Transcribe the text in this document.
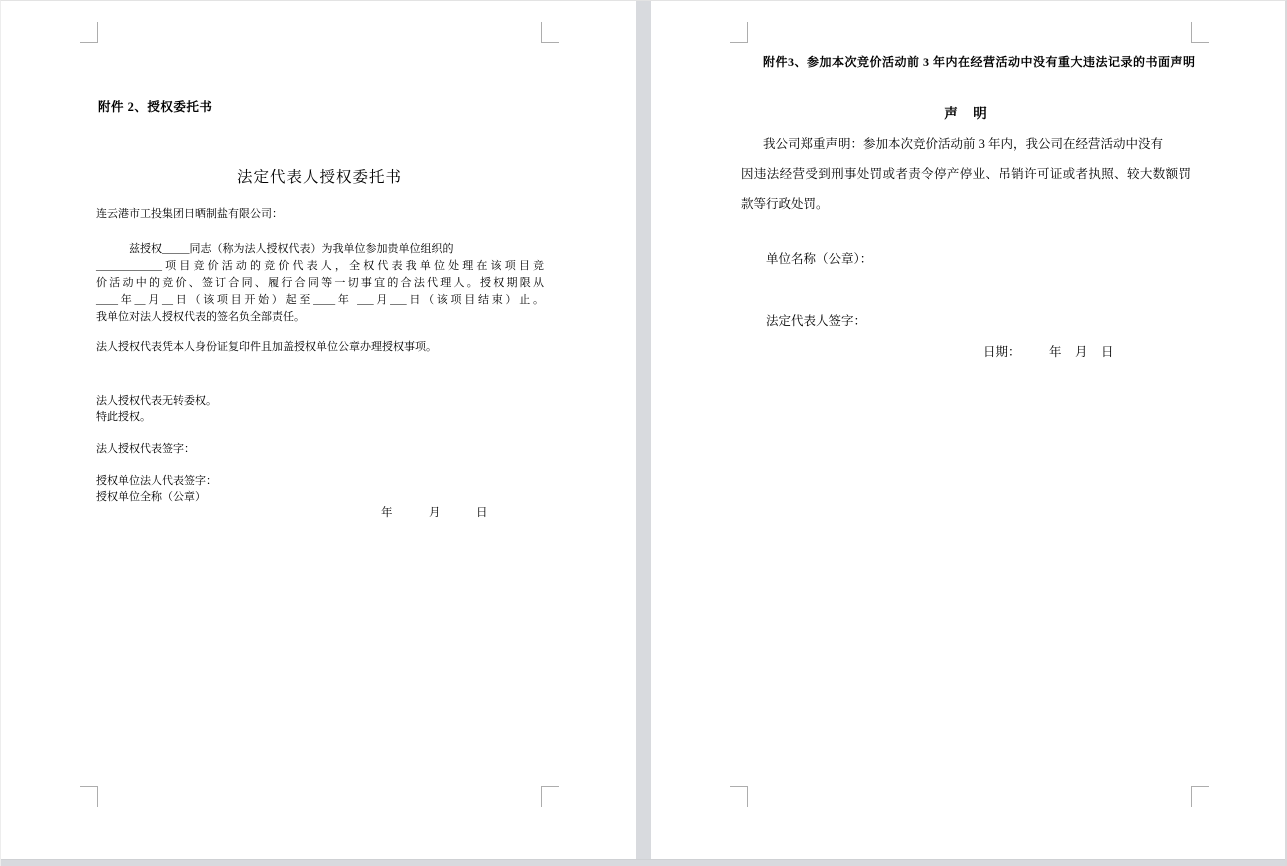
附件 2、授权委托书
法定代表人授权委托书
连云港市工投集团日晒制盐有限公司：
兹授权_____同志（称为法人授权代表）为我单位参加贵单位组织的
____________项目竞价活动的竞价代表人，全权代表我单位处理在该项目竞
价活动中的竞价、签订合同、履行合同等一切事宜的合法代理人。授权期限从
____年__月__日（该项目开始）起至____年 ___月___日（该项目结束）止。
我单位对法人授权代表的签名负全部责任。
法人授权代表凭本人身份证复印件且加盖授权单位公章办理授权事项。
法人授权代表无转委权。
特此授权。
法人授权代表签字：
授权单位法人代表签字：
授权单位全称（公章）
年	月	日
附件3、参加本次竞价活动前 3 年内在经营活动中没有重大违法记录的书面声明
声　明
我公司郑重声明：参加本次竞价活动前 3 年内，我公司在经营活动中没有
因违法经营受到刑事处罚或者责令停产停业、吊销许可证或者执照、较大数额罚
款等行政处罚。
单位名称（公章）：
法定代表人签字：
日期： 年 月 日
